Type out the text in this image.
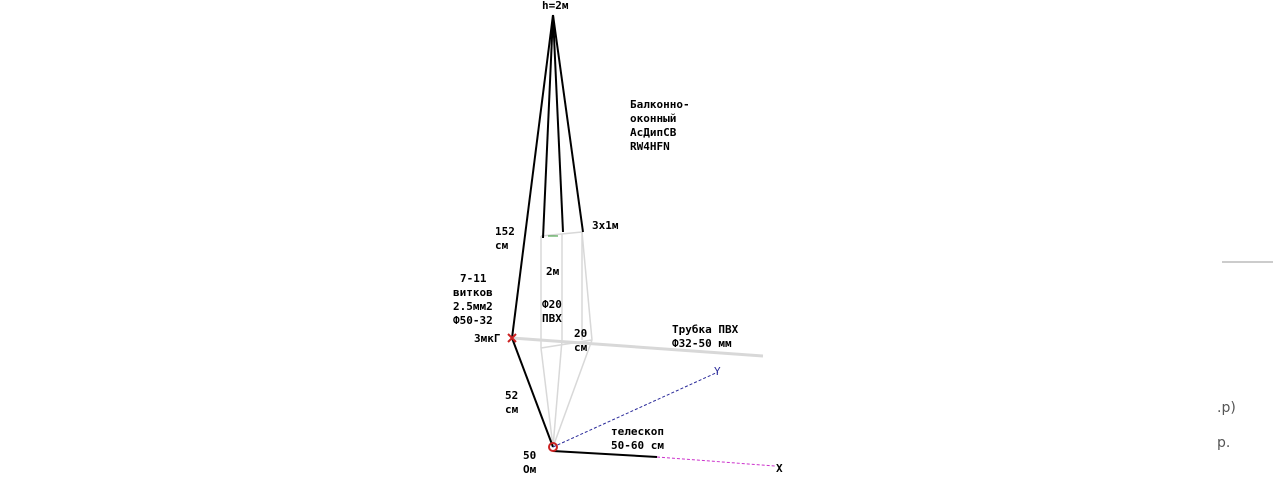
h=2м
Балконно-
оконный
АсДипСВ
RW4HFN
152
см
7-11
витков
2.5мм2
Ф50-32
3мкГ
52
см
50
Ом
3x1м
2м
Ф20
ПВХ
20
см
Трубка ПВХ
Ф32-50 мм
телескоп
50-60 см
X
Y
.p)
p.
